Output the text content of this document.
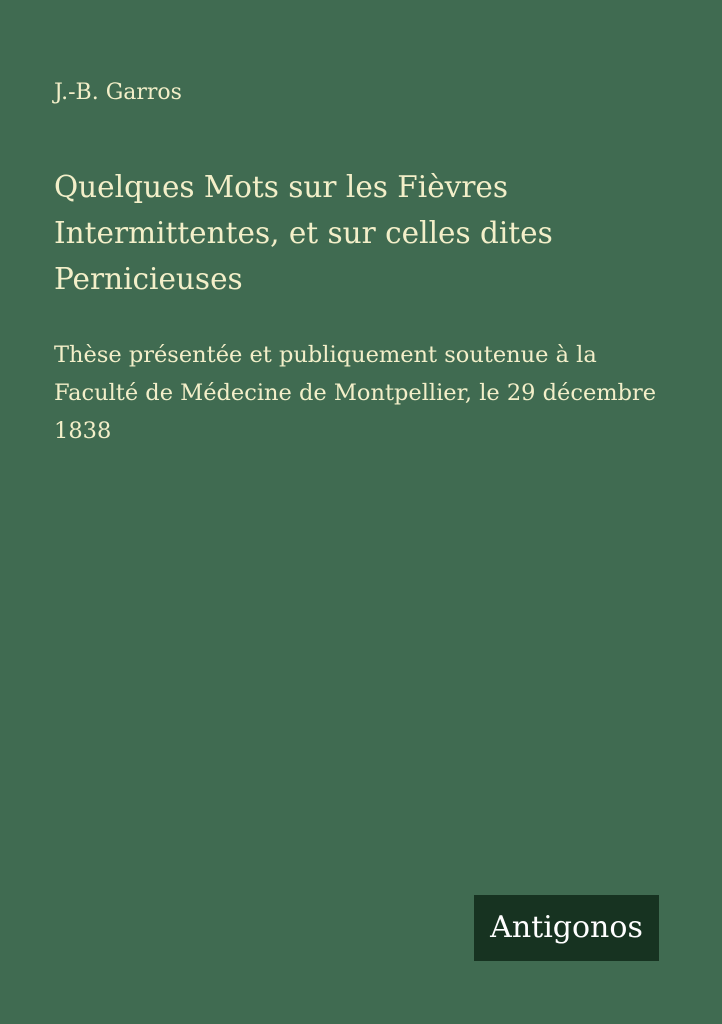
J.-B. Garros
Quelques Mots sur les Fièvres Intermittentes, et sur celles dites Pernicieuses

Thèse présentée et publiquement soutenue à la Faculté de Médecine de Montpellier, le 29 décembre 1838

Antigonos
